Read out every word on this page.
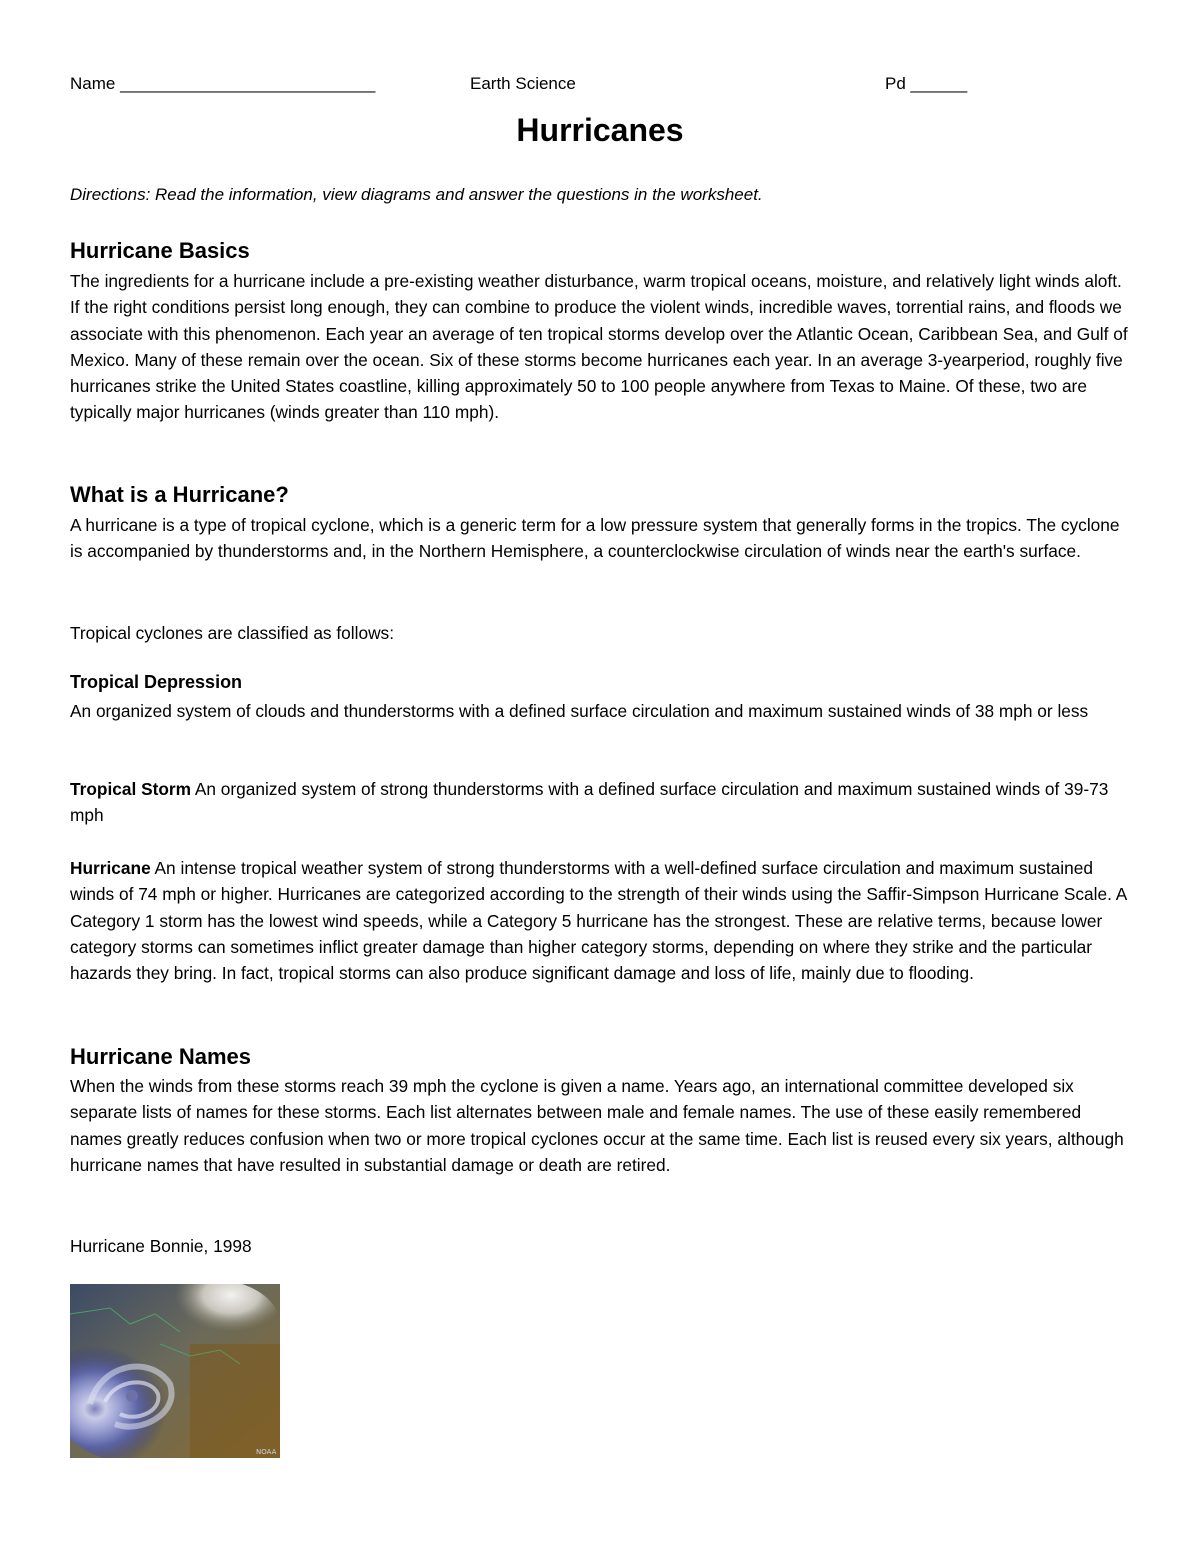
Name ___________________________	Earth Science	Pd ______
Hurricanes
Directions: Read the information, view diagrams and answer the questions in the worksheet.
Hurricane Basics
The ingredients for a hurricane include a pre-existing weather disturbance, warm tropical oceans, moisture, and relatively light winds aloft. If the right conditions persist long enough, they can combine to produce the violent winds, incredible waves, torrential rains, and floods we associate with this phenomenon. Each year an average of ten tropical storms develop over the Atlantic Ocean, Caribbean Sea, and Gulf of Mexico. Many of these remain over the ocean. Six of these storms become hurricanes each year. In an average 3-yearperiod, roughly five hurricanes strike the United States coastline, killing approximately 50 to 100 people anywhere from Texas to Maine. Of these, two are typically major hurricanes (winds greater than 110 mph).
What is a Hurricane?
A hurricane is a type of tropical cyclone, which is a generic term for a low pressure system that generally forms in the tropics. The cyclone is accompanied by thunderstorms and, in the Northern Hemisphere, a counterclockwise circulation of winds near the earth's surface.
Tropical cyclones are classified as follows:
Tropical Depression
An organized system of clouds and thunderstorms with a defined surface circulation and maximum sustained winds of 38 mph or less
Tropical Storm An organized system of strong thunderstorms with a defined surface circulation and maximum sustained winds of 39-73 mph
Hurricane An intense tropical weather system of strong thunderstorms with a well-defined surface circulation and maximum sustained winds of 74 mph or higher. Hurricanes are categorized according to the strength of their winds using the Saffir-Simpson Hurricane Scale. A Category 1 storm has the lowest wind speeds, while a Category 5 hurricane has the strongest. These are relative terms, because lower category storms can sometimes inflict greater damage than higher category storms, depending on where they strike and the particular hazards they bring. In fact, tropical storms can also produce significant damage and loss of life, mainly due to flooding.
Hurricane Names
When the winds from these storms reach 39 mph the cyclone is given a name. Years ago, an international committee developed six separate lists of names for these storms. Each list alternates between male and female names. The use of these easily remembered names greatly reduces confusion when two or more tropical cyclones occur at the same time. Each list is reused every six years, although hurricane names that have resulted in substantial damage or death are retired.
Hurricane Bonnie, 1998
NOAA
